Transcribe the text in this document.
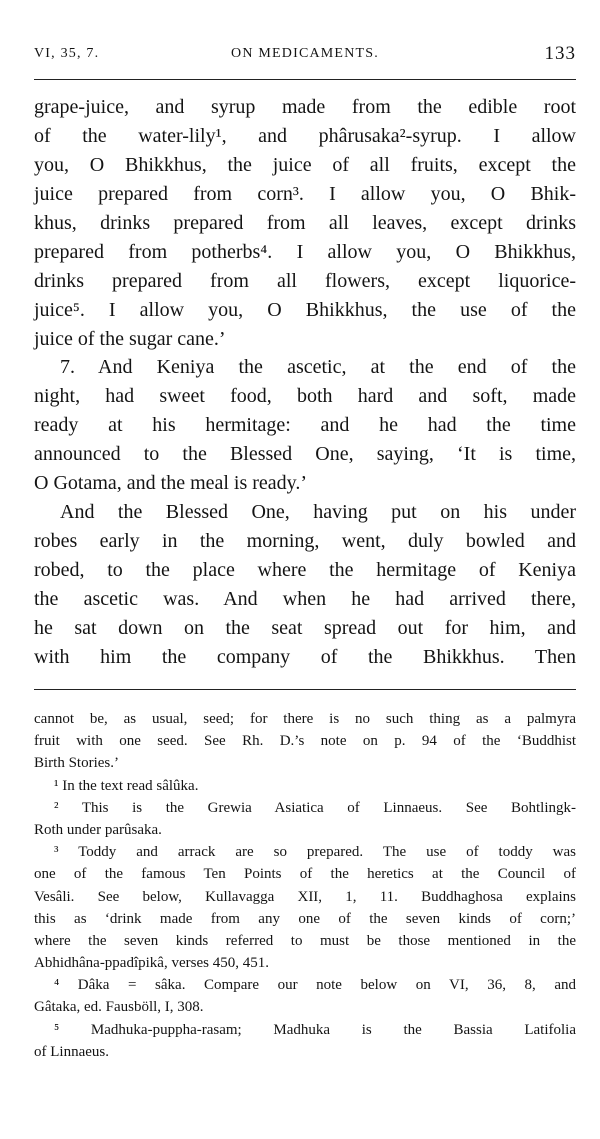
VI, 35, 7.	ON MEDICAMENTS.	133
grape-juice, and syrup made from the edible root
of the water-lily¹, and phârusaka²-syrup. I allow
you, O Bhikkhus, the juice of all fruits, except the
juice prepared from corn³. I allow you, O Bhik-
khus, drinks prepared from all leaves, except drinks
prepared from potherbs⁴. I allow you, O Bhikkhus,
drinks prepared from all flowers, except liquorice-
juice⁵. I allow you, O Bhikkhus, the use of the
juice of the sugar cane.’
7. And Keniya the ascetic, at the end of the
night, had sweet food, both hard and soft, made
ready at his hermitage: and he had the time
announced to the Blessed One, saying, ‘It is time,
O Gotama, and the meal is ready.’
And the Blessed One, having put on his under
robes early in the morning, went, duly bowled and
robed, to the place where the hermitage of Keniya
the ascetic was. And when he had arrived there,
he sat down on the seat spread out for him, and
with him the company of the Bhikkhus. Then
cannot be, as usual, seed; for there is no such thing as a palmyra
fruit with one seed. See Rh. D.’s note on p. 94 of the ‘Buddhist
Birth Stories.’
¹ In the text read sâlûka.
² This is the Grewia Asiatica of Linnaeus. See Bohtlingk-
Roth under parûsaka.
³ Toddy and arrack are so prepared. The use of toddy was
one of the famous Ten Points of the heretics at the Council of
Vesâli. See below, Kullavagga XII, 1, 11. Buddhaghosa explains
this as ‘drink made from any one of the seven kinds of corn;’
where the seven kinds referred to must be those mentioned in the
Abhidhâna-ppadîpikâ, verses 450, 451.
⁴ Dâka = sâka. Compare our note below on VI, 36, 8, and
Gâtaka, ed. Fausböll, I, 308.
⁵ Madhuka-puppha-rasam; Madhuka is the Bassia Latifolia
of Linnaeus.
